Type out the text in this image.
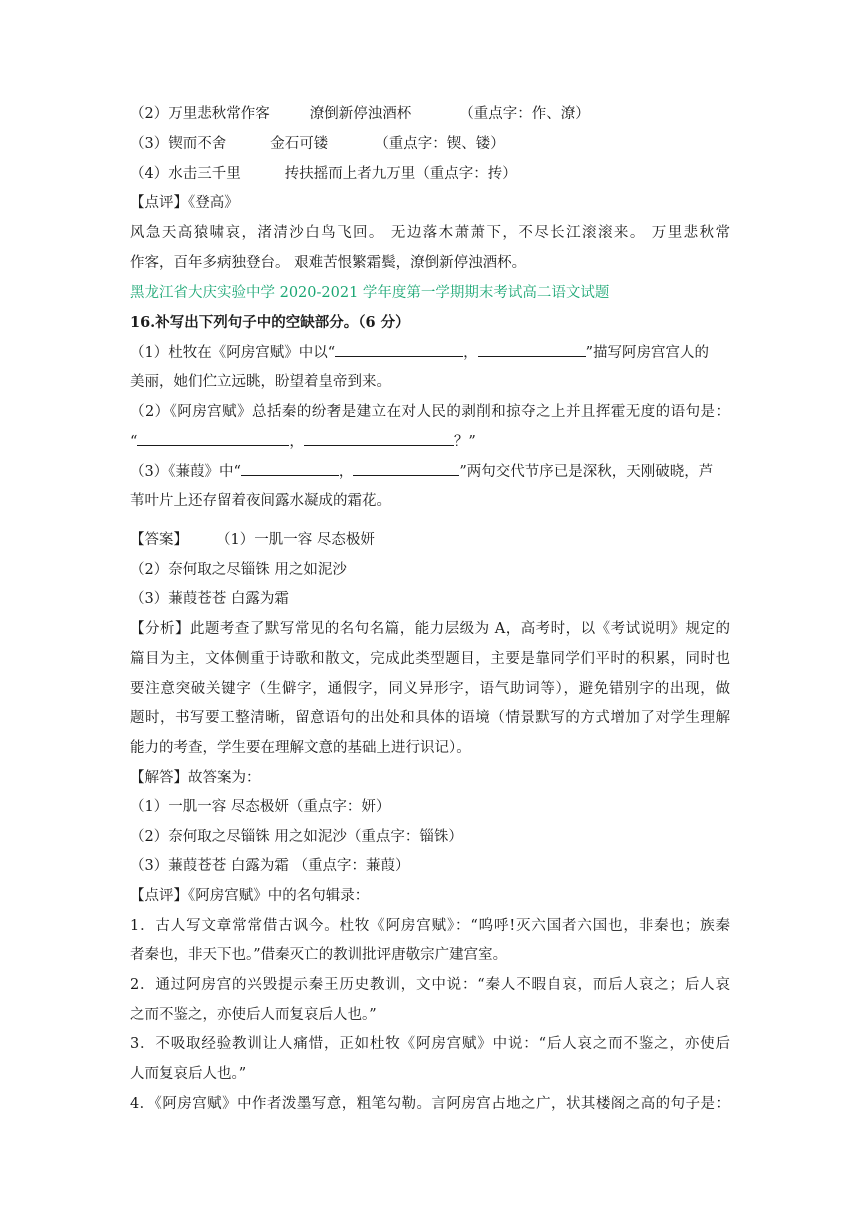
（2）万里悲秋常作客	潦倒新停浊酒杯	（重点字：作、潦）
（3）锲而不舍	金石可镂	（重点字：锲、镂）
（4）水击三千里	抟扶摇而上者九万里（重点字：抟）
【点评】《登高》
风急天高猿啸哀，渚清沙白鸟飞回。 无边落木萧萧下，不尽长江滚滚来。 万里悲秋常
作客，百年多病独登台。 艰难苦恨繁霜鬓，潦倒新停浊酒杯。
黑龙江省大庆实验中学 2020-2021 学年度第一学期期末考试高二语文试题
16.补写出下列句子中的空缺部分。（6 分）
（1）杜牧在《阿房宫赋》中以“	，	”描写阿房宫宫人的
美丽，她们伫立远眺，盼望着皇帝到来。
（2）《阿房宫赋》总括秦的纷奢是建立在对人民的剥削和掠夺之上并且挥霍无度的语句是：
“	，	？”
（3）《蒹葭》中“	，	”两句交代节序已是深秋，天刚破晓，芦
苇叶片上还存留着夜间露水凝成的霜花。
【答案】 （1）一肌一容 尽态极妍
（2）奈何取之尽锱铢 用之如泥沙
（3）蒹葭苍苍 白露为霜
【分析】此题考查了默写常见的名句名篇，能力层级为 A，高考时，以《考试说明》规定的
篇目为主，文体侧重于诗歌和散文，完成此类型题目，主要是靠同学们平时的积累，同时也
要注意突破关键字（生僻字，通假字，同义异形字，语气助词等），避免错别字的出现，做
题时，书写要工整清晰，留意语句的出处和具体的语境（情景默写的方式增加了对学生理解
能力的考查，学生要在理解文意的基础上进行识记）。
【解答】故答案为：
（1）一肌一容 尽态极妍（重点字：妍）
（2）奈何取之尽锱铢 用之如泥沙（重点字：锱铢）
（3）蒹葭苍苍 白露为霜 （重点字：蒹葭）
【点评】《阿房宫赋》中的名句辑录：
1．古人写文章常常借古讽今。杜牧《阿房宫赋》：“呜呼!灭六国者六国也，非秦也；族秦
者秦也，非天下也。”借秦灭亡的教训批评唐敬宗广建宫室。
2．通过阿房宫的兴毁提示秦王历史教训，文中说：“秦人不暇自哀，而后人哀之；后人哀
之而不鉴之，亦使后人而复哀后人也。”
3．不吸取经验教训让人痛惜，正如杜牧《阿房宫赋》中说：“后人哀之而不鉴之，亦使后
人而复哀后人也。”
4．《阿房宫赋》中作者泼墨写意，粗笔勾勒。言阿房宫占地之广，状其楼阁之高的句子是：
